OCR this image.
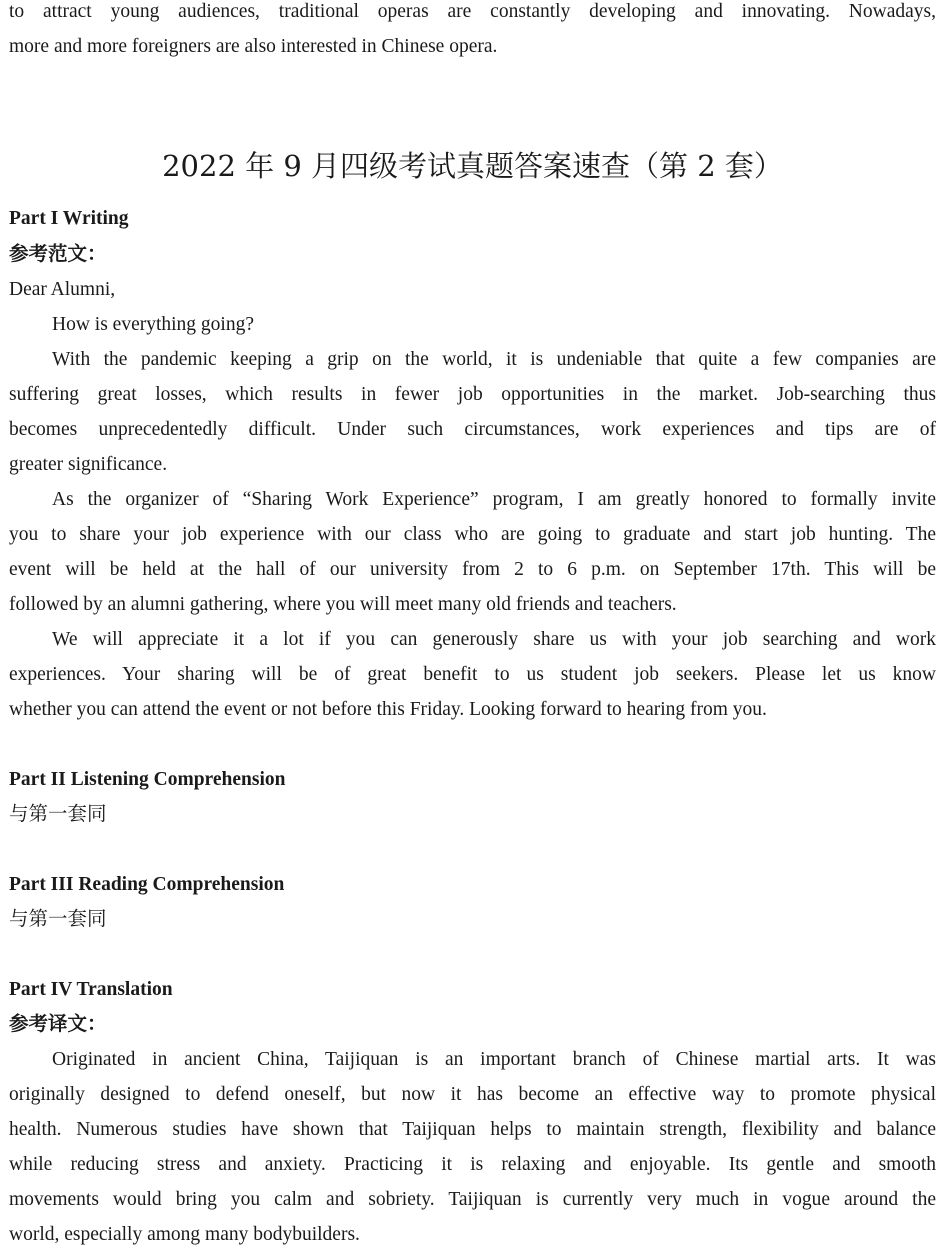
to attract young audiences, traditional operas are constantly developing and innovating. Nowadays,
more and more foreigners are also interested in Chinese opera.
2022 年 9 月四级考试真题答案速查（第 2 套）
Part I Writing
参考范文：
Dear Alumni,
How is everything going?
With the pandemic keeping a grip on the world, it is undeniable that quite a few companies are
suffering great losses, which results in fewer job opportunities in the market. Job-searching thus
becomes unprecedentedly difficult. Under such circumstances, work experiences and tips are of
greater significance.
As the organizer of “Sharing Work Experience” program, I am greatly honored to formally invite
you to share your job experience with our class who are going to graduate and start job hunting. The
event will be held at the hall of our university from 2 to 6 p.m. on September 17th. This will be
followed by an alumni gathering, where you will meet many old friends and teachers.
We will appreciate it a lot if you can generously share us with your job searching and work
experiences. Your sharing will be of great benefit to us student job seekers. Please let us know
whether you can attend the event or not before this Friday. Looking forward to hearing from you.
Part II Listening Comprehension
与第一套同
Part III Reading Comprehension
与第一套同
Part IV Translation
参考译文：
Originated in ancient China, Taijiquan is an important branch of Chinese martial arts. It was
originally designed to defend oneself, but now it has become an effective way to promote physical
health. Numerous studies have shown that Taijiquan helps to maintain strength, flexibility and balance
while reducing stress and anxiety. Practicing it is relaxing and enjoyable. Its gentle and smooth
movements would bring you calm and sobriety. Taijiquan is currently very much in vogue around the
world, especially among many bodybuilders.
